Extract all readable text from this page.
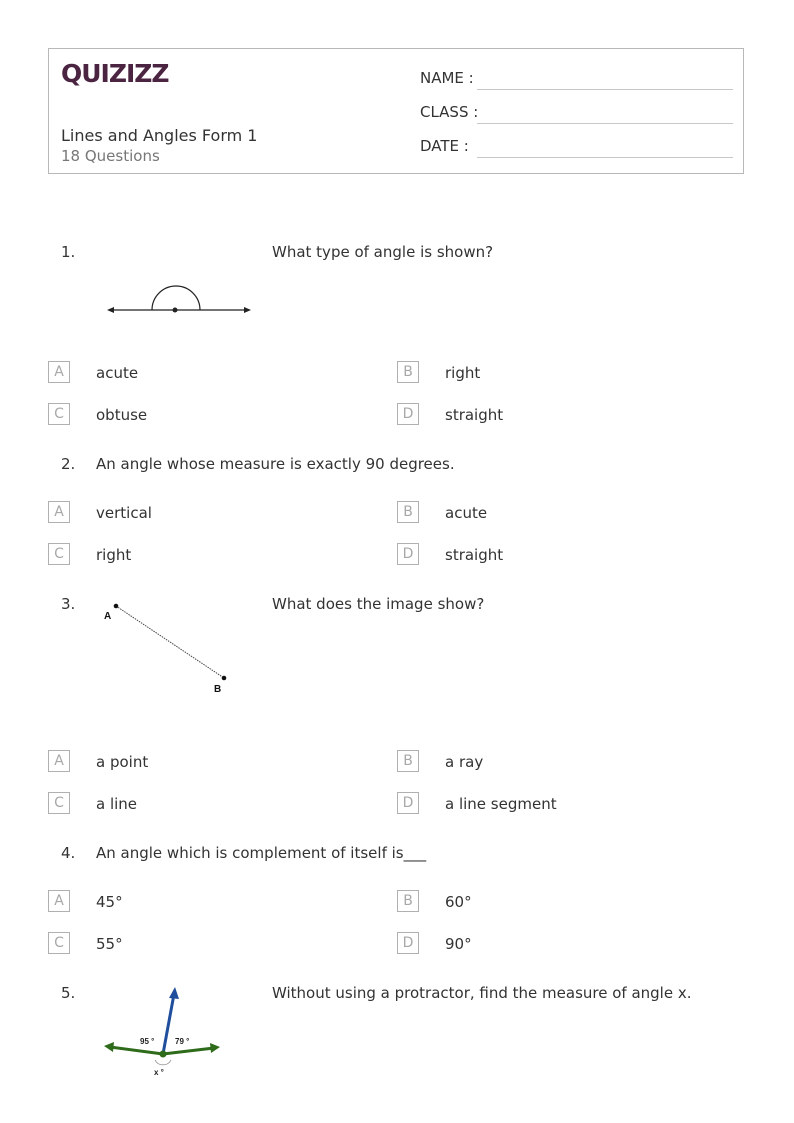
QUIZIZZ
Lines and Angles Form 1
18 Questions
NAME :
CLASS :
DATE :
1.	What type of angle is shown?
A	acute	B	right
C	obtuse	D	straight
2. An angle whose measure is exactly 90 degrees.
A	vertical	B	acute
C	right	D	straight
3.	What does the image show?
A
B
A	a point	B	a ray
C	a line	D	a line segment
4. An angle which is complement of itself is___
A	45°	B	60°
C	55°	D	90°
5.	Without using a protractor, find the measure of angle x.
95 °	79 °
x °
